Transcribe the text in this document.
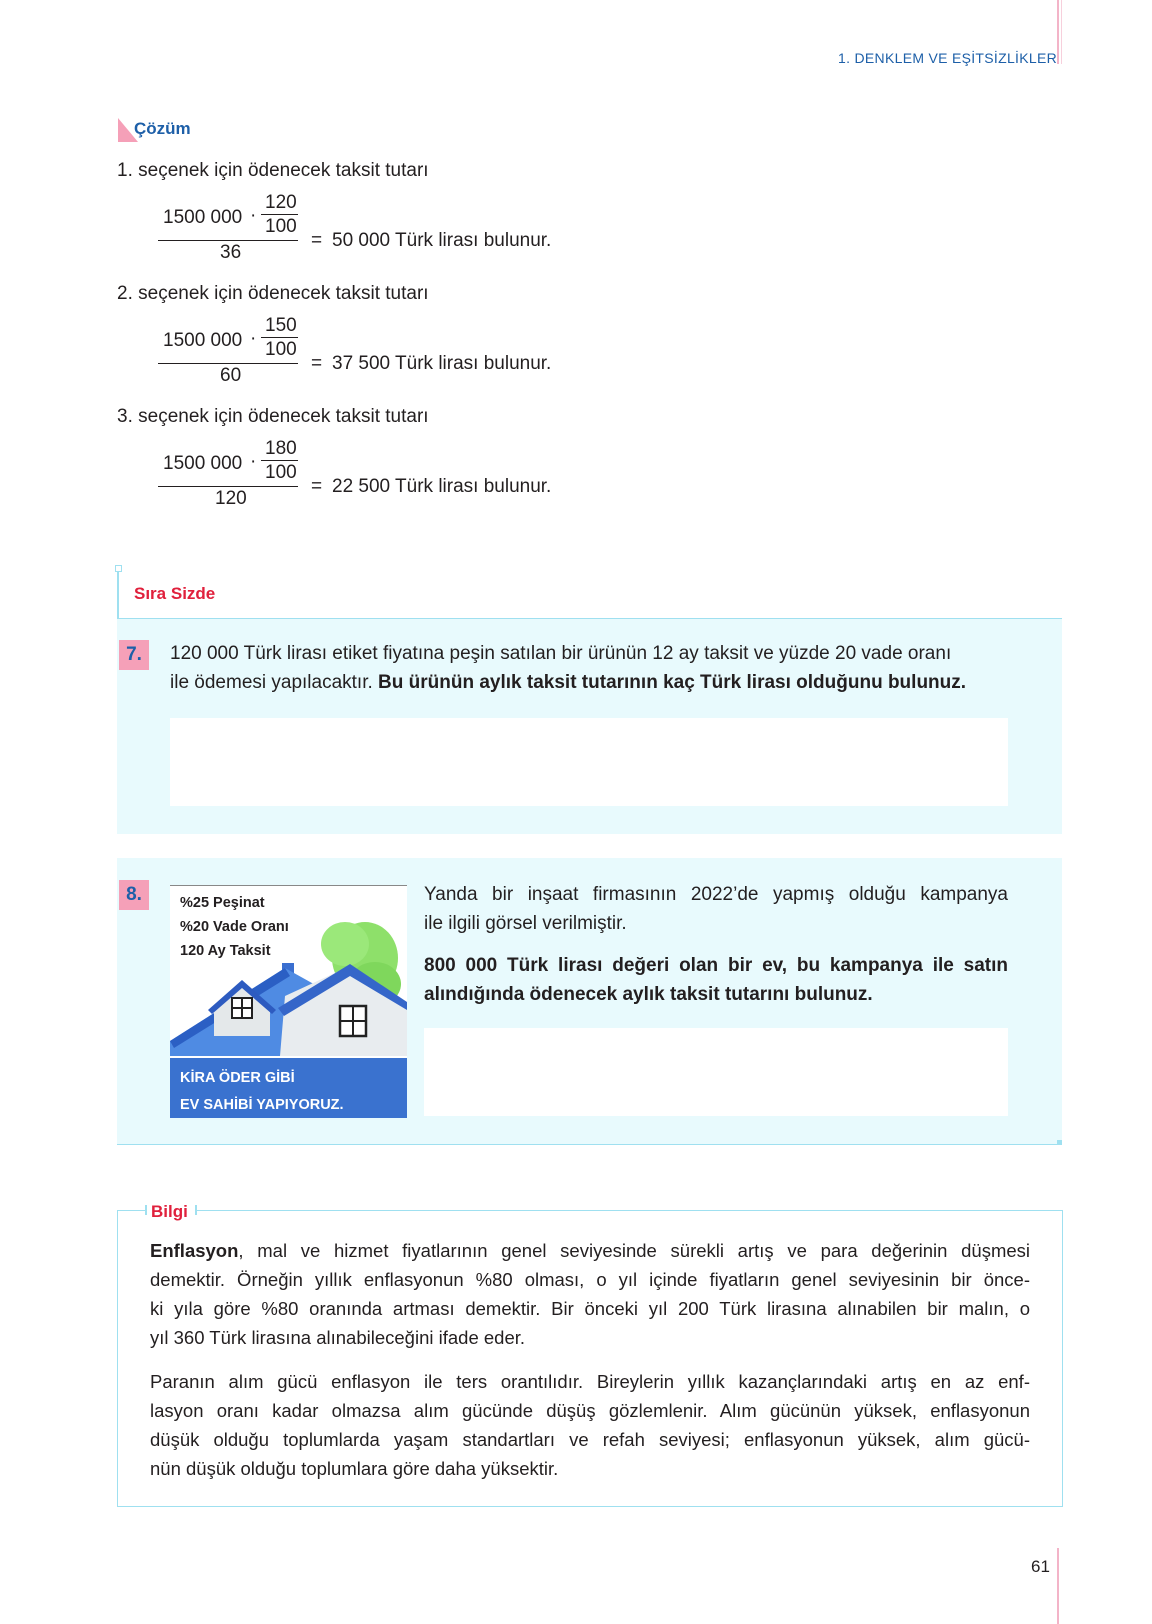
1. DENKLEM VE EŞİTSİZLİKLER
Çözüm
1. seçenek için ödenecek taksit tutarı
1500 000 ·
120
100
36
= 50 000 Türk lirası bulunur.
2. seçenek için ödenecek taksit tutarı
1500 000 ·
150
100
60
= 37 500 Türk lirası bulunur.
3. seçenek için ödenecek taksit tutarı
1500 000 ·
180
100
120
= 22 500 Türk lirası bulunur.
Sıra Sizde
7.	120 000 Türk lirası etiket fiyatına peşin satılan bir ürünün 12 ay taksit ve yüzde 20 vade oranı
ile ödemesi yapılacaktır. Bu ürünün aylık taksit tutarının kaç Türk lirası olduğunu bulunuz.
8.	%25 Peşinat
%20 Vade Oranı
120 Ay Taksit
KİRA ÖDER GİBİ
EV SAHİBİ YAPIYORUZ.
Yanda bir inşaat firmasının 2022’de yapmış olduğu kampanya
ile ilgili görsel verilmiştir.
800 000 Türk lirası değeri olan bir ev, bu kampanya ile satın
alındığında ödenecek aylık taksit tutarını bulunuz.
Bilgi
Enflasyon, mal ve hizmet fiyatlarının genel seviyesinde sürekli artış ve para değerinin düşmesi
demektir. Örneğin yıllık enflasyonun %80 olması, o yıl içinde fiyatların genel seviyesinin bir önce-
ki yıla göre %80 oranında artması demektir. Bir önceki yıl 200 Türk lirasına alınabilen bir malın, o
yıl 360 Türk lirasına alınabileceğini ifade eder.
Paranın alım gücü enflasyon ile ters orantılıdır. Bireylerin yıllık kazançlarındaki artış en az enf-
lasyon oranı kadar olmazsa alım gücünde düşüş gözlemlenir. Alım gücünün yüksek, enflasyonun
düşük olduğu toplumlarda yaşam standartları ve refah seviyesi; enflasyonun yüksek, alım gücü-
nün düşük olduğu toplumlara göre daha yüksektir.
61
